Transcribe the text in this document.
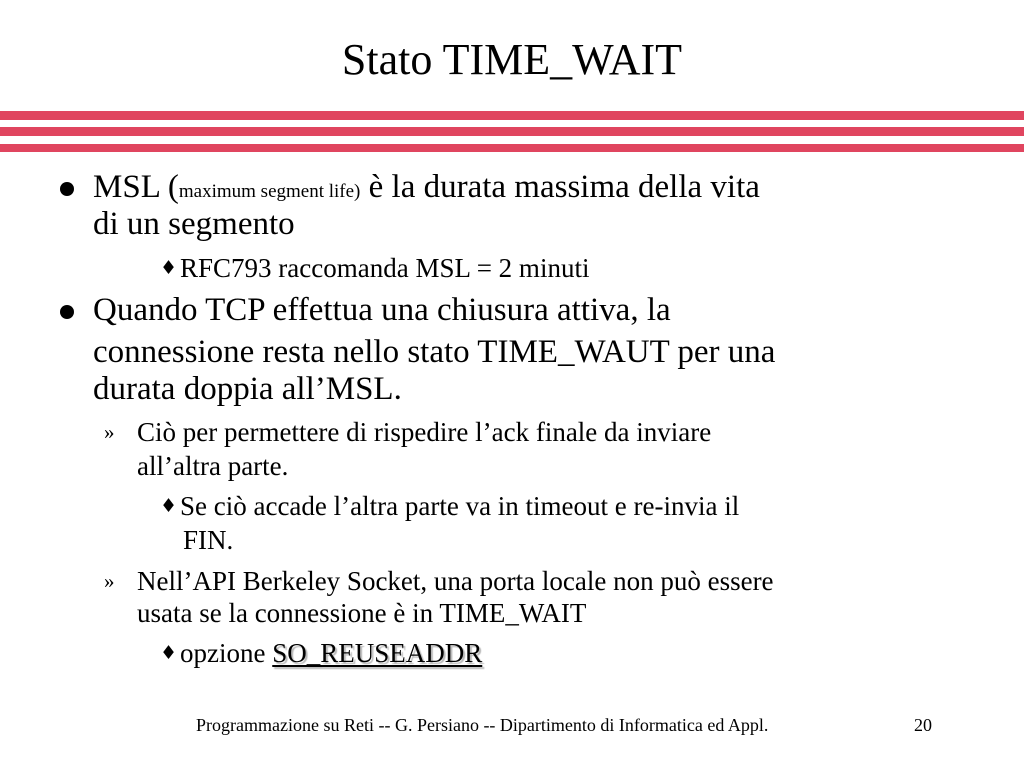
Stato TIME_WAIT
MSL (maximum segment life) è la durata massima della vita
di un segmento
♦ RFC793 raccomanda MSL = 2 minuti
Quando TCP effettua una chiusura attiva, la
connessione resta nello stato TIME_WAUT per una
durata doppia all’MSL.
» Ciò per permettere di rispedire l’ack finale da inviare
all’altra parte.
♦ Se ciò accade l’altra parte va in timeout e re-invia il
FIN.
» Nell’API Berkeley Socket, una porta locale non può essere
usata se la connessione è in TIME_WAIT
♦ opzione SO_REUSEADDR
Programmazione su Reti -- G. Persiano -- Dipartimento di Informatica ed Appl.	20
